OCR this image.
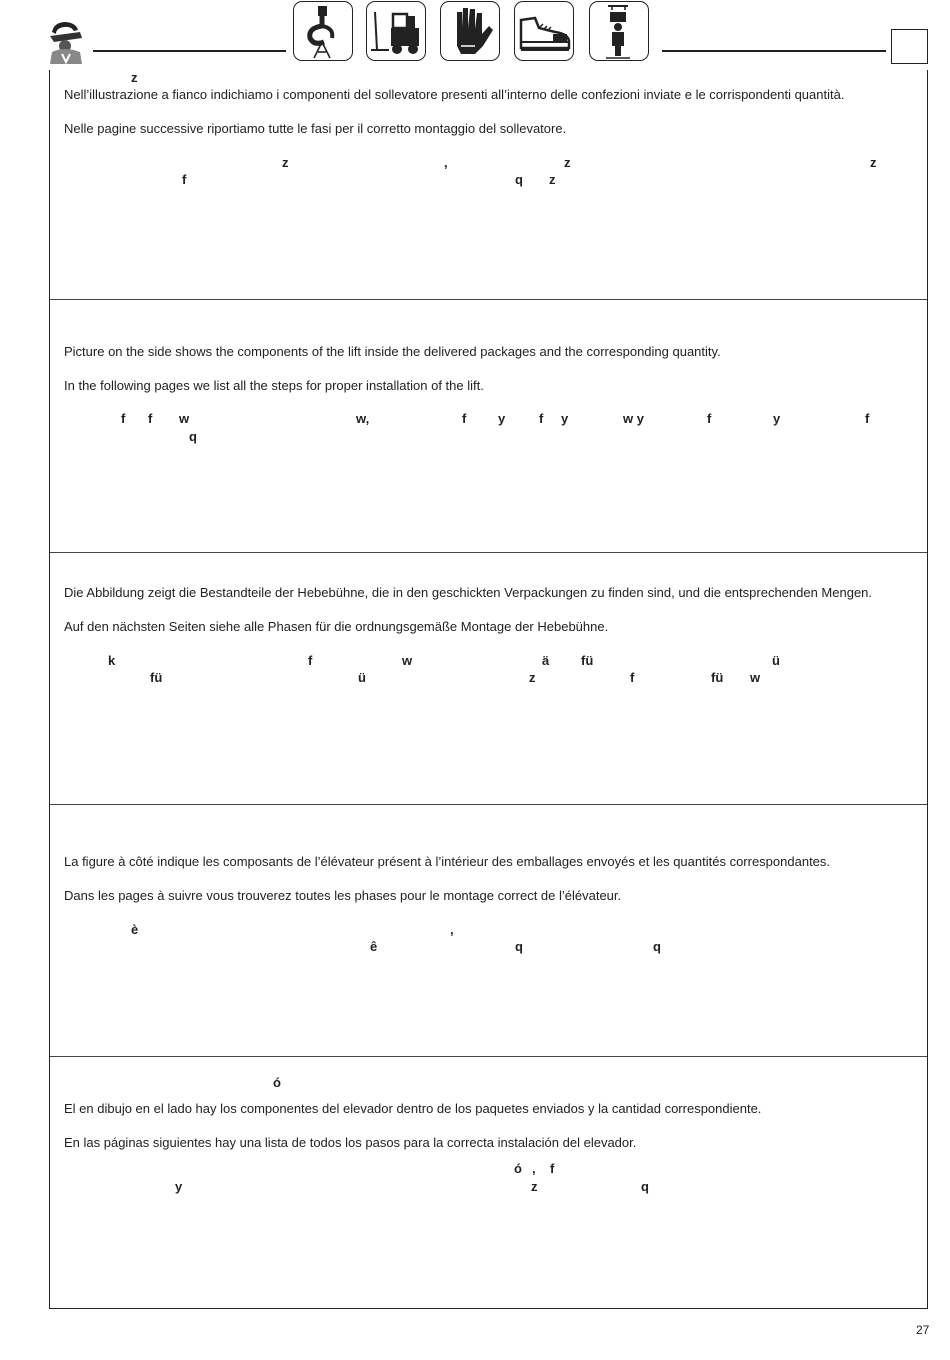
z
Nell’illustrazione a fianco indichiamo i componenti del sollevatore presenti all’interno delle confezioni inviate e le corrispondenti quantità.
Nelle pagine successive riportiamo tutte le fasi per il corretto montaggio del sollevatore.
z	,	z	z
f	q z
Picture on the side shows the components of the lift inside the delivered packages and the corresponding quantity.
In the following pages we list all the steps for proper installation of the lift.
f f w	w,	f y	f y	w y	f	y	f
q
Die Abbildung zeigt die Bestandteile der Hebebühne, die in den geschickten Verpackungen zu finden sind, und die entsprechenden Mengen.
Auf den nächsten Seiten siehe alle Phasen für die ordnungsgemäße Montage der Hebebühne.
k	f	w	ä fü	ü
fü	ü	z	f	fü w
La figure à côté indique les composants de l’élévateur présent à l’intérieur des emballages envoyés et les quantités correspondantes.
Dans les pages à suivre vous trouverez toutes les phases pour le montage correct de l’élévateur.
è	,
ê	q	q
ó
El en dibujo en el lado hay los componentes del elevador dentro de los paquetes enviados y la cantidad correspondiente.
En las páginas siguientes hay una lista de todos los pasos para la correcta instalación del elevador.
ó , f
y	z	q
27
